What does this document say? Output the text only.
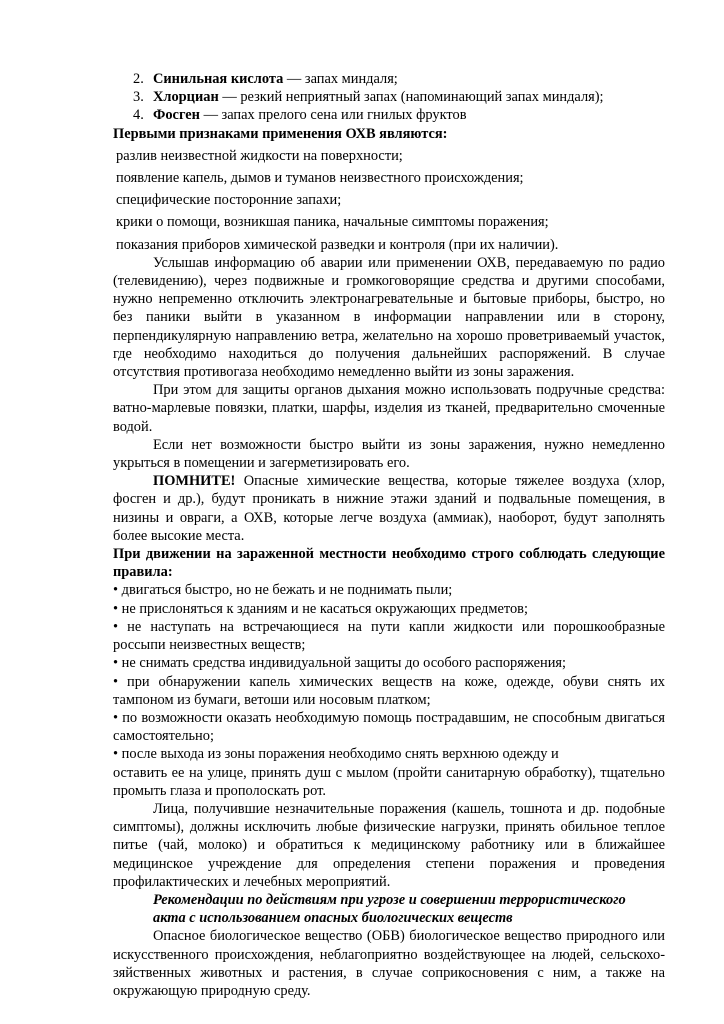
2. Синильная кислота — запах миндаля;
3. Хлорциан — резкий неприятный запах (напоминающий запах миндаля);
4. Фосген — запах прелого сена или гнилых фруктов

Первыми признаками применения ОХВ являются:

разлив неизвестной жидкости на поверхности;
появление капель, дымов и туманов неизвестного происхождения;
специфические посторонние запахи;
крики о помощи, возникшая паника, начальные симптомы поражения;
показания приборов химической разведки и контроля (при их наличии).

Услышав информацию об аварии или применении ОХВ, передаваемую по радио (телевидению), через подвижные и громкоговорящие средства и другими способами, нужно непременно отключить электронагревательные и бытовые приборы, быстро, но без паники выйти в указанном в информации направлении или в сторону, перпендикулярную направлению ветра, желательно на хорошо проветриваемый участок, где необходимо находиться до получения дальнейших распоряжений. В случае отсутствия противогаза необходимо немедленно выйти из зоны заражения.

При этом для защиты органов дыхания можно использовать подручные средства: ватно-марлевые повязки, платки, шарфы, изделия из тканей, предварительно смоченные водой.

Если нет возможности быстро выйти из зоны заражения, нужно немедленно укрыться в помещении и загерметизировать его.

ПОМНИТЕ! Опасные химические вещества, которые тяжелее воздуха (хлор, фосген и др.), будут проникать в нижние этажи зданий и подвальные помещения, в низины и овраги, а ОХВ, которые легче воздуха (аммиак), наоборот, будут заполнять более высокие места.

При движении на зараженной местности необходимо строго соблюдать следующие правила:

• двигаться быстро, но не бежать и не поднимать пыли;

• не прислоняться к зданиям и не касаться окружающих предметов;

• не наступать на встречающиеся на пути капли жидкости или порошкообразные россыпи неизвестных веществ;

• не снимать средства индивидуальной защиты до особого распоряжения;

• при обнаружении капель химических веществ на коже, одежде, обуви снять их тампоном из бумаги, ветоши или носовым платком;

• по возможности оказать необходимую помощь пострадавшим, не способным двигаться самостоятельно;

• после выхода из зоны поражения необходимо снять верхнюю одежду и

оставить ее на улице, принять душ с мылом (пройти санитарную обработку), тщательно промыть глаза и прополоскать рот.

Лица, получившие незначительные поражения (кашель, тошнота и др. подобные симптомы), должны исключить любые физические нагрузки, принять обильное теплое питье (чай, молоко) и обратиться к медицинскому работнику или в ближайшее медицинское учреждение для определения степени поражения и проведения профилактических и лечебных мероприятий.

Рекомендации по действиям при угрозе и совершении террористического
акта с использованием опасных биологических веществ

Опасное биологическое вещество (ОБВ) биологическое вещество природного или искусственного происхождения, неблагоприятно воздействующее на людей, сельскохо-зяйственных животных и растения, в случае соприкосновения с ним, а также на окружающую природную среду.
